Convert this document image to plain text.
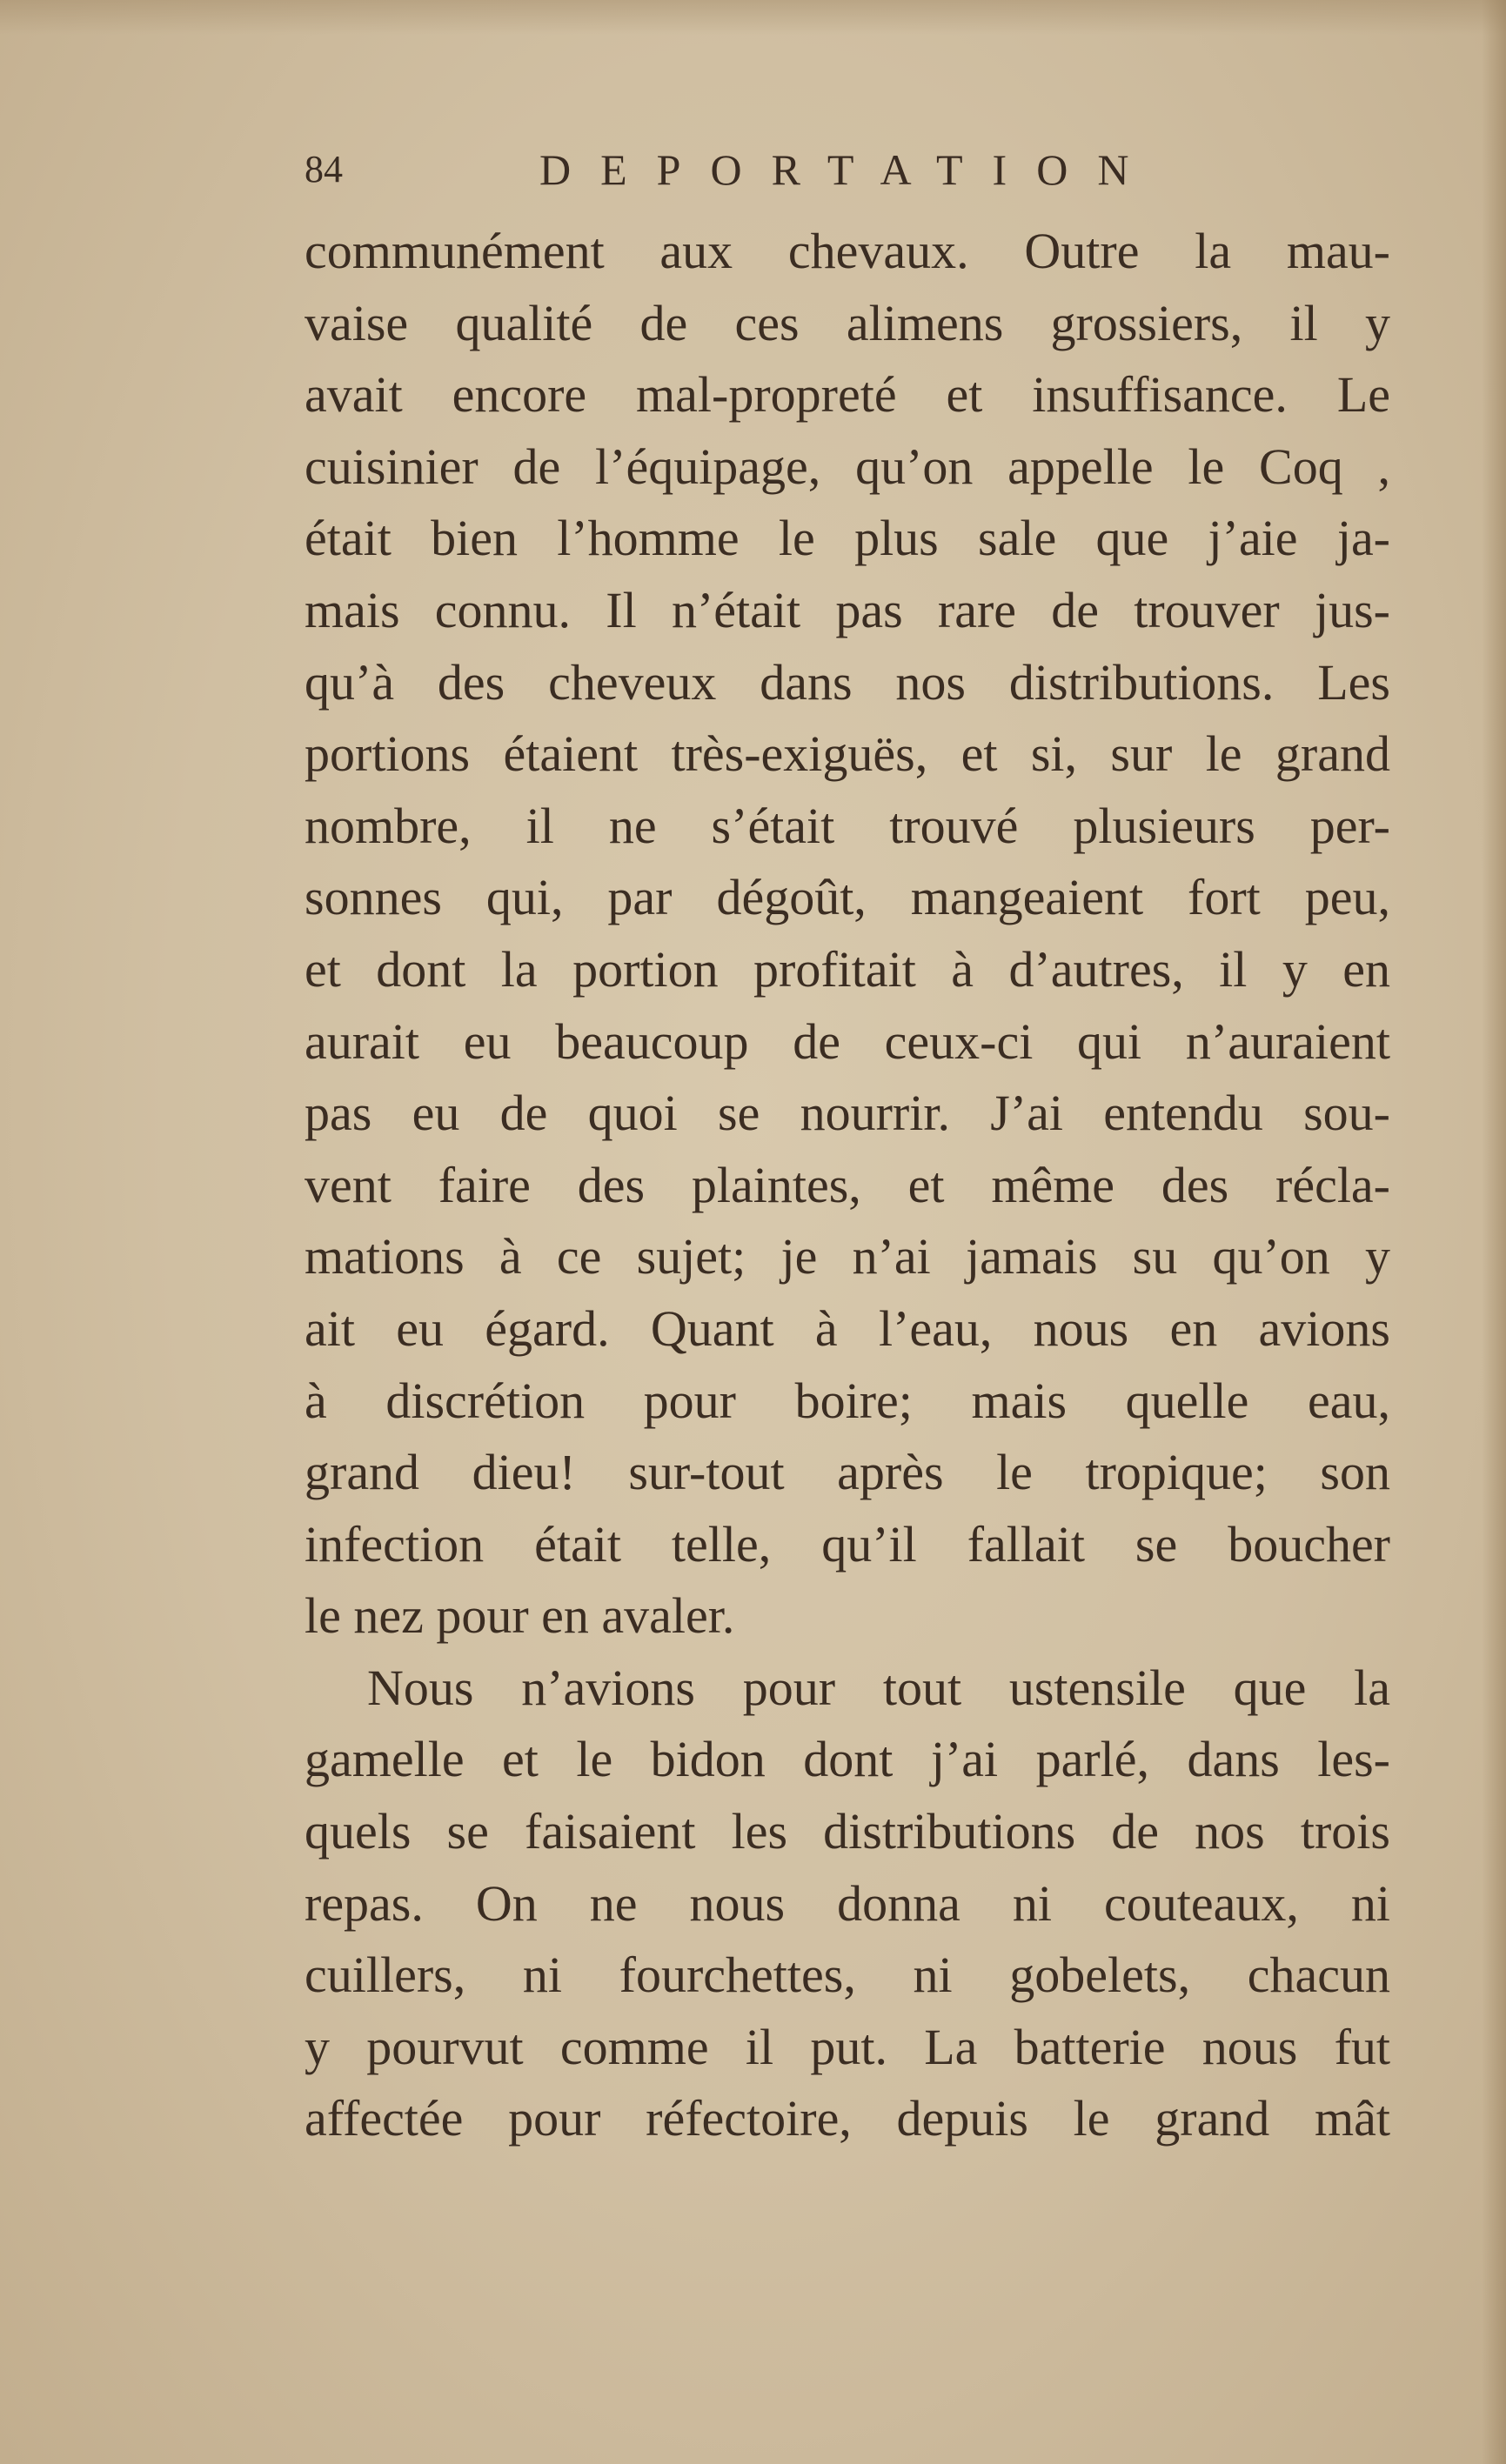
84	DEPORTATION
communément aux chevaux. Outre la mau-
vaise qualité de ces alimens grossiers, il y
avait encore mal-propreté et insuffisance. Le
cuisinier de l’équipage, qu’on appelle le Coq ,
était bien l’homme le plus sale que j’aie ja-
mais connu. Il n’était pas rare de trouver jus-
qu’à des cheveux dans nos distributions. Les
portions étaient très-exiguës, et si, sur le grand
nombre, il ne s’était trouvé plusieurs per-
sonnes qui, par dégoût, mangeaient fort peu,
et dont la portion profitait à d’autres, il y en
aurait eu beaucoup de ceux-ci qui n’auraient
pas eu de quoi se nourrir. J’ai entendu sou-
vent faire des plaintes, et même des récla-
mations à ce sujet; je n’ai jamais su qu’on y
ait eu égard. Quant à l’eau, nous en avions
à discrétion pour boire; mais quelle eau,
grand dieu! sur-tout après le tropique; son
infection était telle, qu’il fallait se boucher
le nez pour en avaler.
Nous n’avions pour tout ustensile que la
gamelle et le bidon dont j’ai parlé, dans les-
quels se faisaient les distributions de nos trois
repas. On ne nous donna ni couteaux, ni
cuillers, ni fourchettes, ni gobelets, chacun
y pourvut comme il put. La batterie nous fut
affectée pour réfectoire, depuis le grand mât
